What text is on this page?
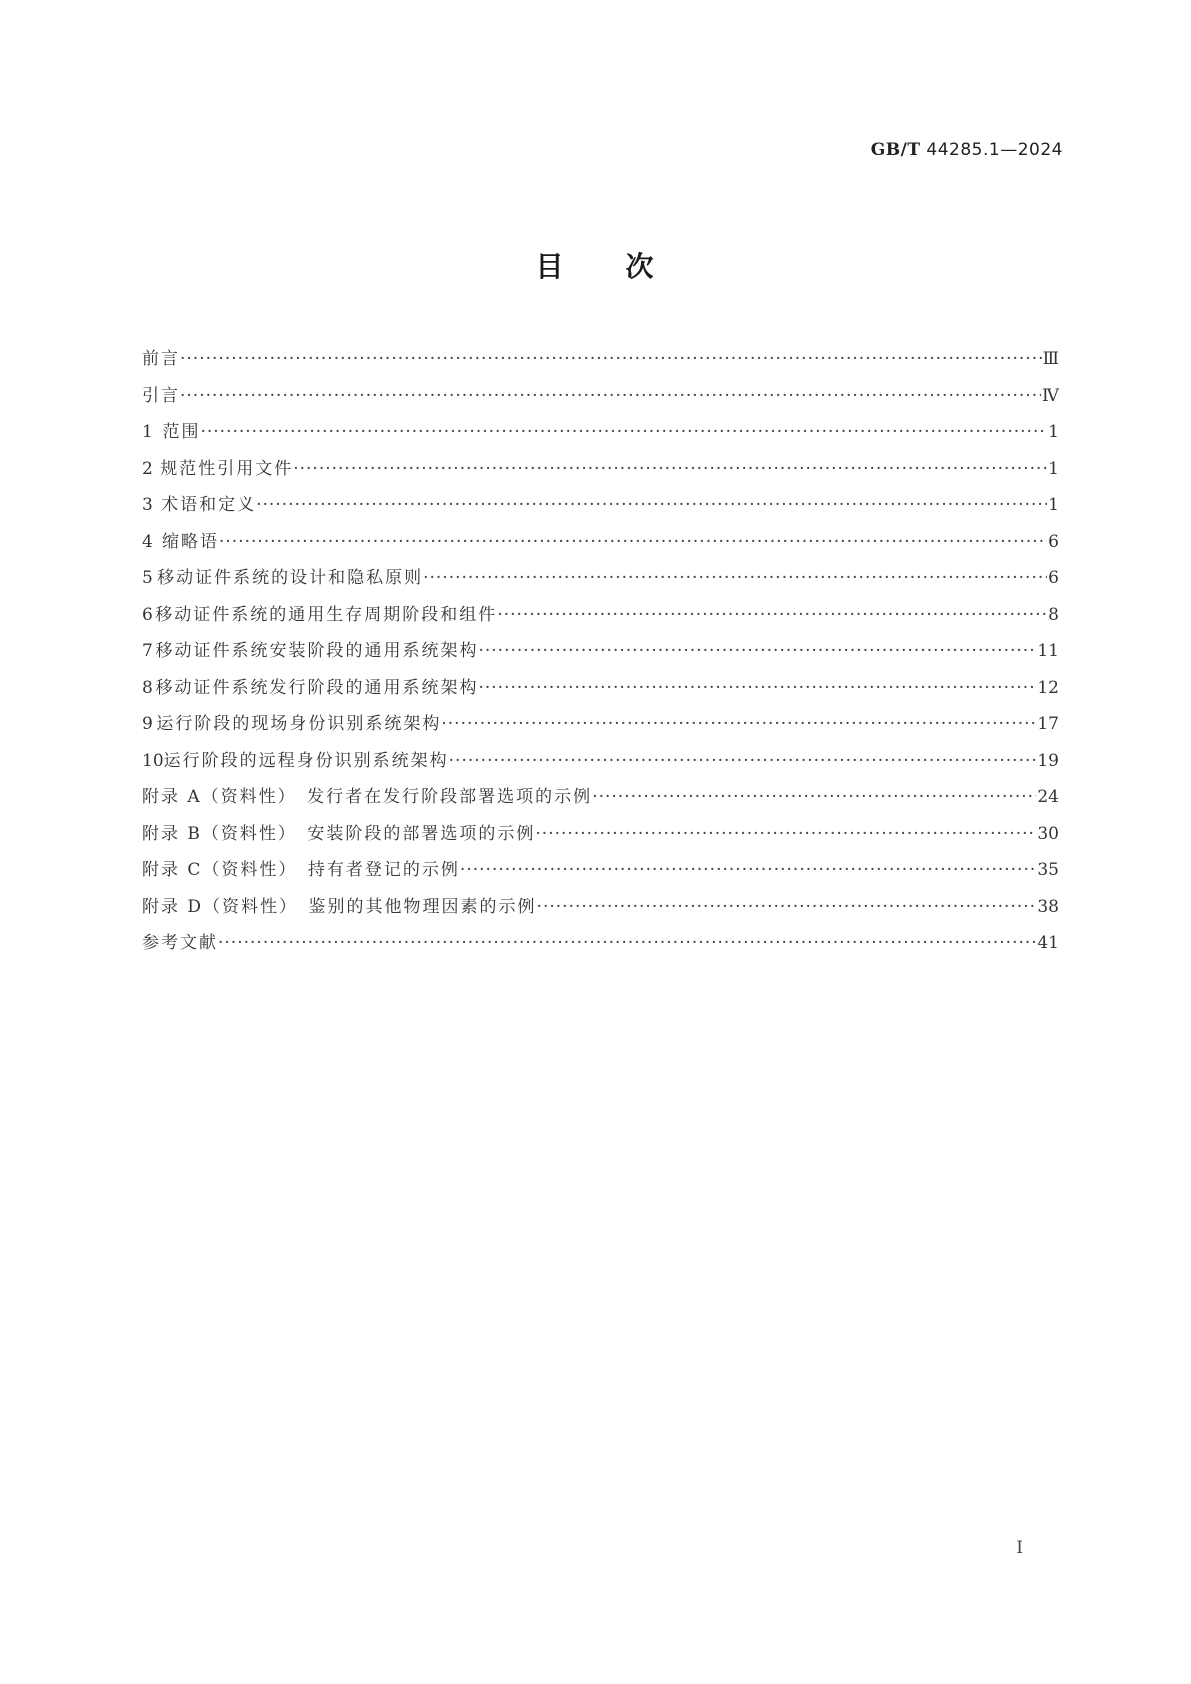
GB/T 44285.1—2024
目　　次
前言 ·····	Ⅲ
引言 ·····	Ⅳ
1 范围 ·····	1
2 规范性引用文件 ·····	1
3 术语和定义 ·····	1
4 缩略语 ·····	6
5 移动证件系统的设计和隐私原则 ·····	6
6 移动证件系统的通用生存周期阶段和组件 ·····	8
7 移动证件系统安装阶段的通用系统架构 ·····	11
8 移动证件系统发行阶段的通用系统架构 ·····	12
9 运行阶段的现场身份识别系统架构 ·····	17
10 运行阶段的远程身份识别系统架构 ·····	19
附录 A（资料性）　发行者在发行阶段部署选项的示例 ·····	24
附录 B（资料性）　安装阶段的部署选项的示例 ·····	30
附录 C（资料性）　持有者登记的示例 ·····	35
附录 D（资料性）　鉴别的其他物理因素的示例 ·····	38
参考文献 ·····	41
I
